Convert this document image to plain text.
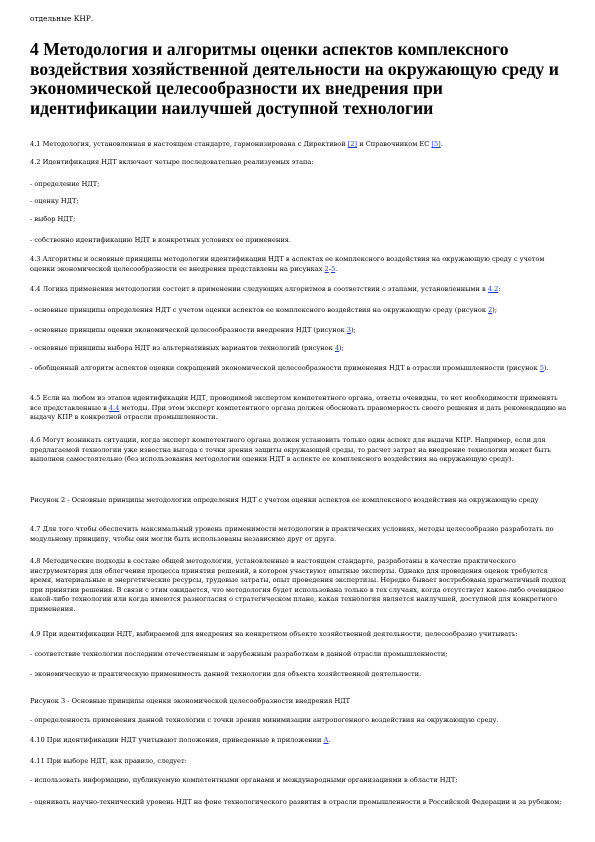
отдельные КНР.
4 Методология и алгоритмы оценки аспектов комплексного воздействия хозяйственной деятельности на окружающую среду и экономической целесообразности их внедрения при идентификации наилучшей доступной технологии

4.1 Методология, установленная в настоящем стандарте, гармонизирована с Директивой [2] и Справочником ЕС [5].

4.2 Идентификация НДТ включает четыре последовательно реализуемых этапа:

- определение НДТ;

- оценку НДТ;

- выбор НДТ;

- собственно идентификацию НДТ в конкретных условиях ее применения.

4.3 Алгоритмы и основные принципы методологии идентификации НДТ в аспектах ее комплексного воздействия на окружающую среду с учетом оценки экономической целесообразности ее внедрения представлены на рисунках 2-5.

4.4 Логика применения методологии состоит в применении следующих алгоритмов в соответствии с этапами, установленными в 4.2:

- основные принципы определения НДТ с учетом оценки аспектов ее комплексного воздействия на окружающую среду (рисунок 2);

- основные принципы оценки экономической целесообразности внедрения НДТ (рисунок 3);

- основные принципы выбора НДТ из альтернативных вариантов технологий (рисунок 4);

- обобщенный алгоритм аспектов оценки сокращений экономической целесообразности применения НДТ в отрасли промышленности (рисунок 5).

4.5 Если на любом из этапов идентификации НДТ, проводимой экспертом компетентного органа, ответы очевидны, то нет необходимости применять все представленные в 4.4 методы. При этом эксперт компетентного органа должен обосновать правомерность своего решения и дать рекомендацию на выдачу КПР в конкретной отрасли промышленности.

4.6 Могут возникать ситуации, когда эксперт компетентного органа должен установить только один аспект для выдачи КПР. Например, если для предлагаемой технологии уже известна выгода с точки зрения защиты окружающей среды, то расчет затрат на внедрение технологии может быть выполнен самостоятельно (без использования методологии оценки НДТ в аспекте ее комплексного воздействия на окружающую среду).

Рисунок 2 - Основные принципы методологии определения НДТ с учетом оценки аспектов ее комплексного воздействия на окружающую среду

4.7 Для того чтобы обеспечить максимальный уровень применимости методологии в практических условиях, методы целесообразно разработать по модульному принципу, чтобы они могли быть использованы независимо друг от друга.

4.8 Методические подходы в составе общей методологии, установленные в настоящем стандарте, разработаны в качестве практического инструментария для облегчения процесса принятия решений, в котором участвуют опытные эксперты. Однако для проведения оценок требуются время, материальные и энергетические ресурсы, трудовые затраты, опыт проведения экспертизы. Нередко бывает востребована прагматичный подход при принятии решения. В связи с этим ожидается, что методология будет использована только в тех случаях, когда отсутствует какое-либо очевидное какой-либо технологии или когда имеются разногласия о стратегическом плане, какая технология является наилучшей, доступной для конкретного применения.

4.9 При идентификации НДТ, выбираемой для внедрения на конкретном объекте хозяйственной деятельности, целесообразно учитывать:

- соответствие технологии последним отечественным и зарубежным разработкам в данной отрасли промышленности;

- экономическую и практическую применимость данной технологии для объекта хозяйственной деятельности.

Рисунок 3 - Основные принципы оценки экономической целесообразности внедрения НДТ

- определенность применения данной технологии с точки зрения минимизации антропогенного воздействия на окружающую среду.

4.10 При идентификации НДТ учитывают положения, приведенные в приложении А.

4.11 При выборе НДТ, как правило, следует:

- использовать информацию, публикуемую компетентными органами и международными организациями в области НДТ;

- оценивать научно-технический уровень НДТ на фоне технологического развития в отрасли промышленности в Российской Федерации и за рубежом;
